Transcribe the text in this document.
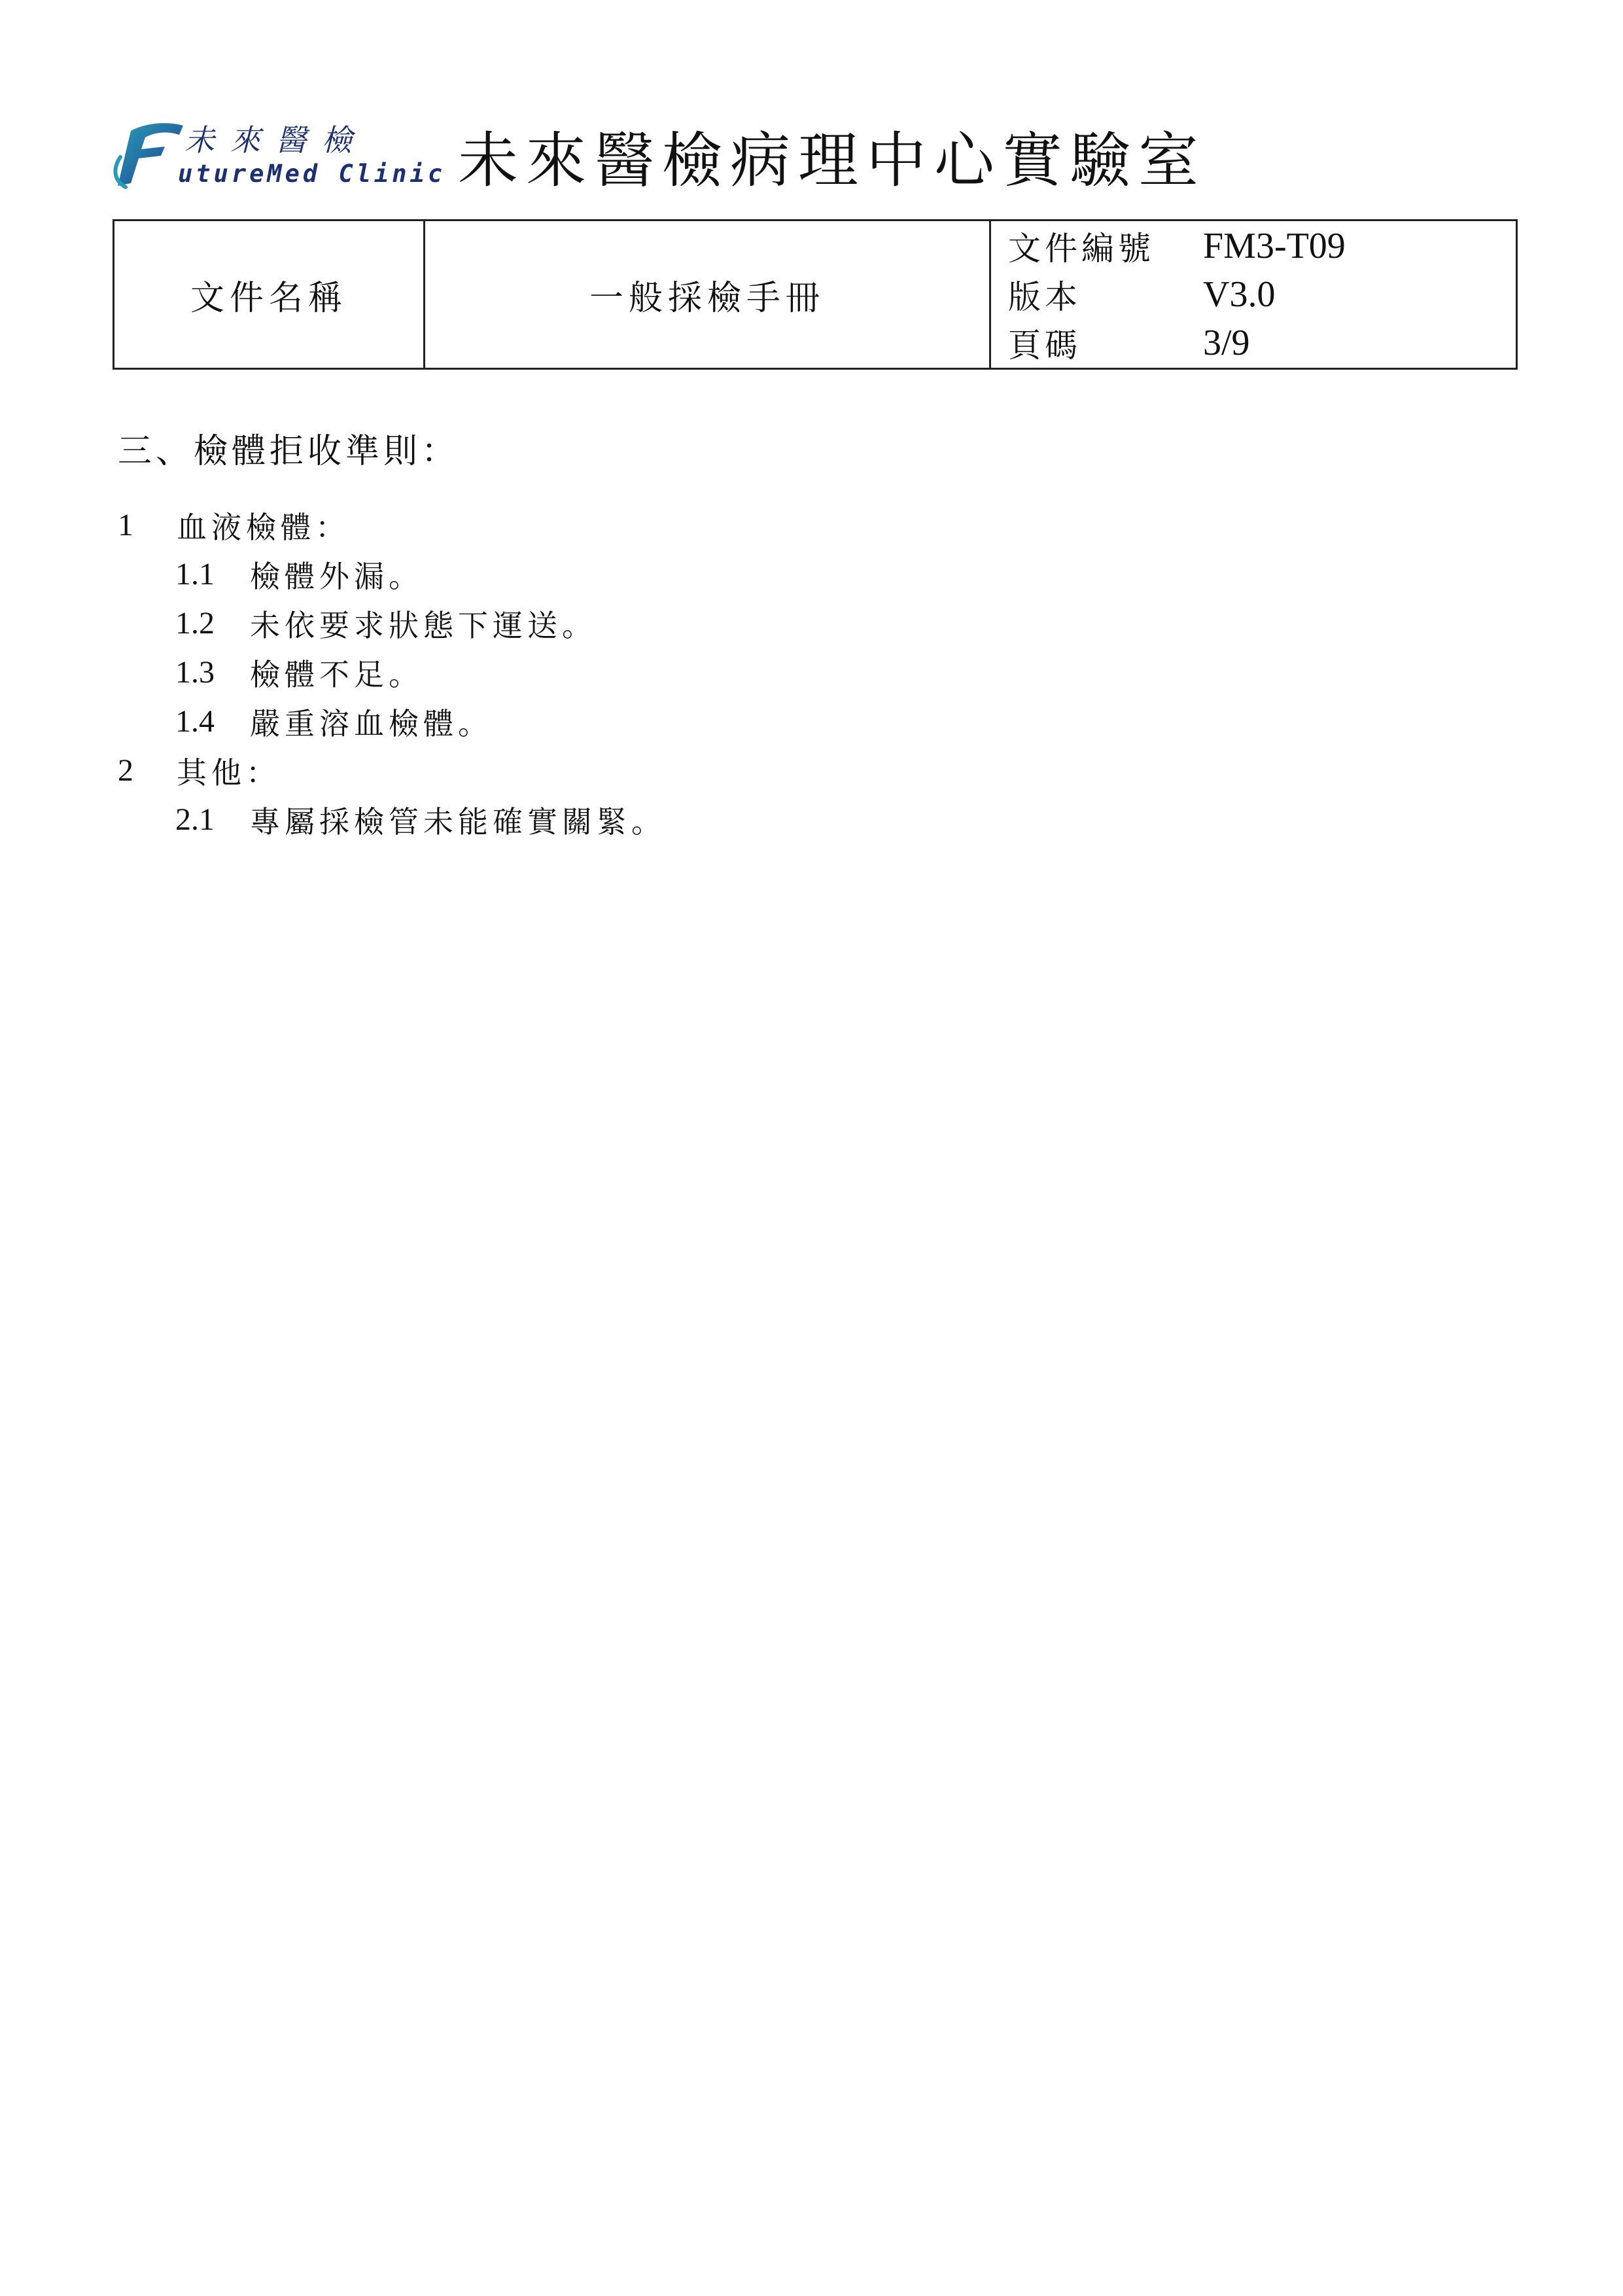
utureMed Clinic
未來醫檢 未來醫檢病理中心實驗室
文件名稱	一般採檢手冊
文件編號	FM3-T09
版本	V3.0
頁碼	3/9
三、檢體拒收準則：
1	血液檢體：
1.1	檢體外漏。
1.2	未依要求狀態下運送。
1.3	檢體不足。
1.4	嚴重溶血檢體。
2	其他：
2.1	專屬採檢管未能確實關緊。
